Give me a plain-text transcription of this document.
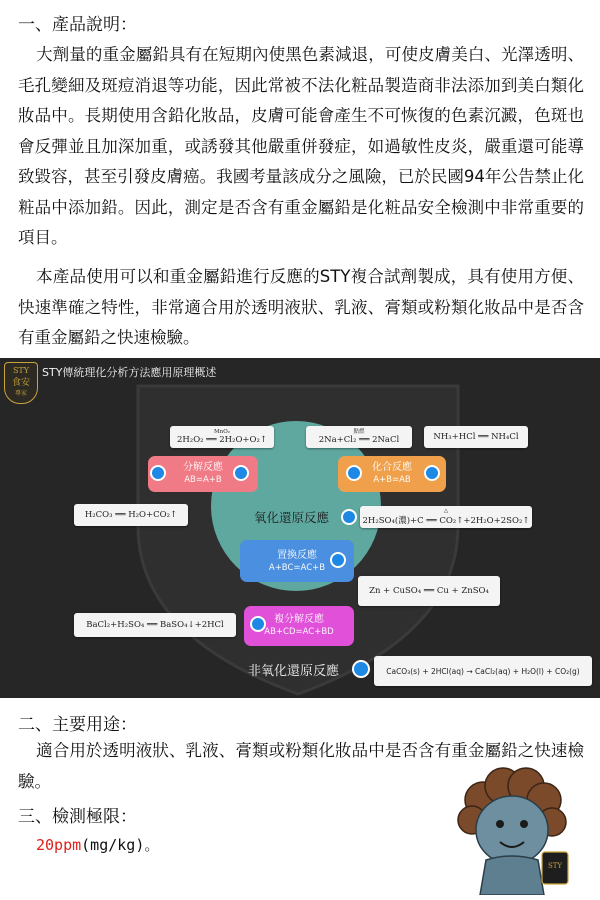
一、產品說明：
大劑量的重金屬鉛具有在短期內使黑色素減退，可使皮膚美白、光澤透明、毛孔變細及斑痘消退等功能，因此常被不法化粧品製造商非法添加到美白類化妝品中。長期使用含鉛化妝品，皮膚可能會產生不可恢復的色素沉澱，色斑也會反彈並且加深加重，或誘發其他嚴重併發症，如過敏性皮炎，嚴重還可能導致毀容，甚至引發皮膚癌。我國考量該成分之風險，已於民國94年公告禁止化粧品中添加鉛。因此，測定是否含有重金屬鉛是化粧品安全檢測中非常重要的項目。
本產品使用可以和重金屬鉛進行反應的STY複合試劑製成，具有使用方便、快速準確之特性，非常適合用於透明液狀、乳液、膏類或粉類化妝品中是否含有重金屬鉛之快速檢驗。
STY
食安
專家
STY傳統理化分析方法應用原理概述
MnO₂
2H₂O₂ ══ 2H₂O+O₂↑
點燃
2Na+Cl₂ ══ 2NaCl	NH₃+HCl ══ NH₄Cl
分解反應
AB=A+B
化合反應
A+B=AB
H₂CO₃ ══ H₂O+CO₂↑	氧化還原反應	△
2H₂SO₄(濃)+C ══ CO₂↑+2H₂O+2SO₂↑
置換反應
A+BC=AC+B
Zn + CuSO₄ ══ Cu + ZnSO₄
BaCl₂+H₂SO₄ ══ BaSO₄↓+2HCl	複分解反應
AB+CD=AC+BD
非氧化還原反應	CaCO₃(s) + 2HCl(aq) → CaCl₂(aq) + H₂O(l) + CO₂(g)
二、主要用途：
適合用於透明液狀、乳液、膏類或粉類化妝品中是否含有重金屬鉛之快速檢驗。
三、檢測極限：
20ppm(mg/kg)。
STY
